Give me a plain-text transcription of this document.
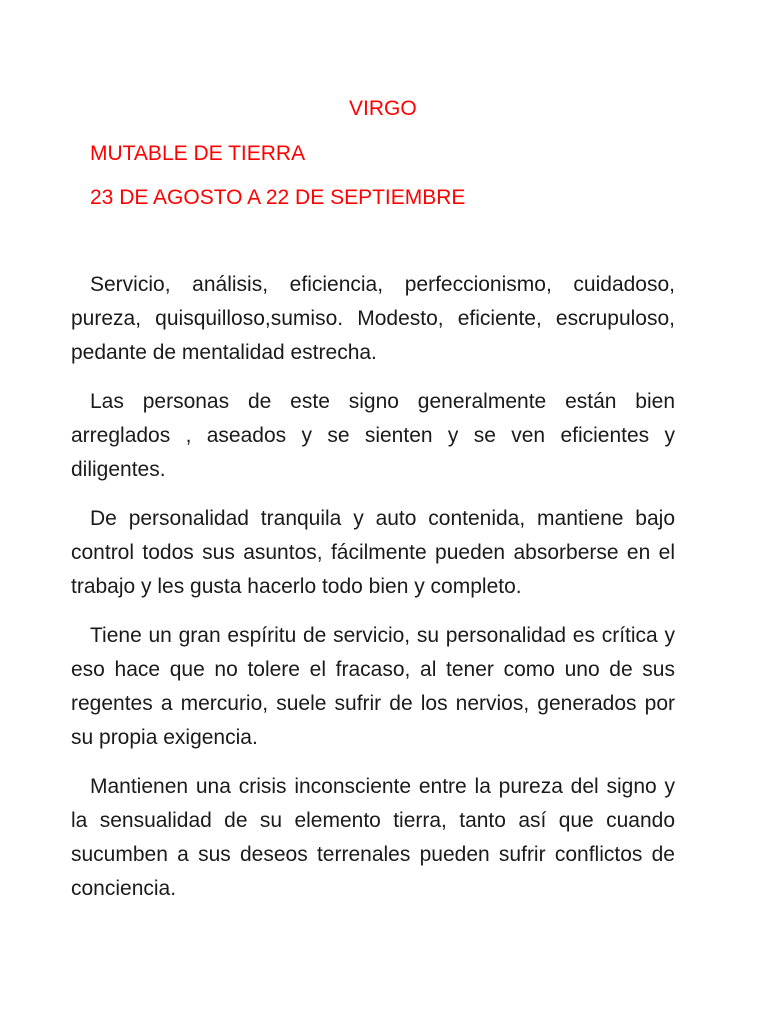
VIRGO
MUTABLE DE TIERRA
23 DE AGOSTO A 22 DE SEPTIEMBRE

Servicio, análisis, eficiencia, perfeccionismo, cuidadoso, pureza, quisquilloso,sumiso. Modesto, eficiente, escrupuloso, pedante de mentalidad estrecha.

Las personas de este signo generalmente están bien arreglados , aseados y se sienten y se ven eficientes y diligentes.

De personalidad tranquila y auto contenida, mantiene bajo control todos sus asuntos, fácilmente pueden absorberse en el trabajo y les gusta hacerlo todo bien y completo.

Tiene un gran espíritu de servicio, su personalidad es crítica y eso hace que no tolere el fracaso, al tener como uno de sus regentes a mercurio, suele sufrir de los nervios, generados por su propia exigencia.

Mantienen una crisis inconsciente entre la pureza del signo y la sensualidad de su elemento tierra, tanto así que cuando sucumben a sus deseos terrenales pueden sufrir conflictos de conciencia.
